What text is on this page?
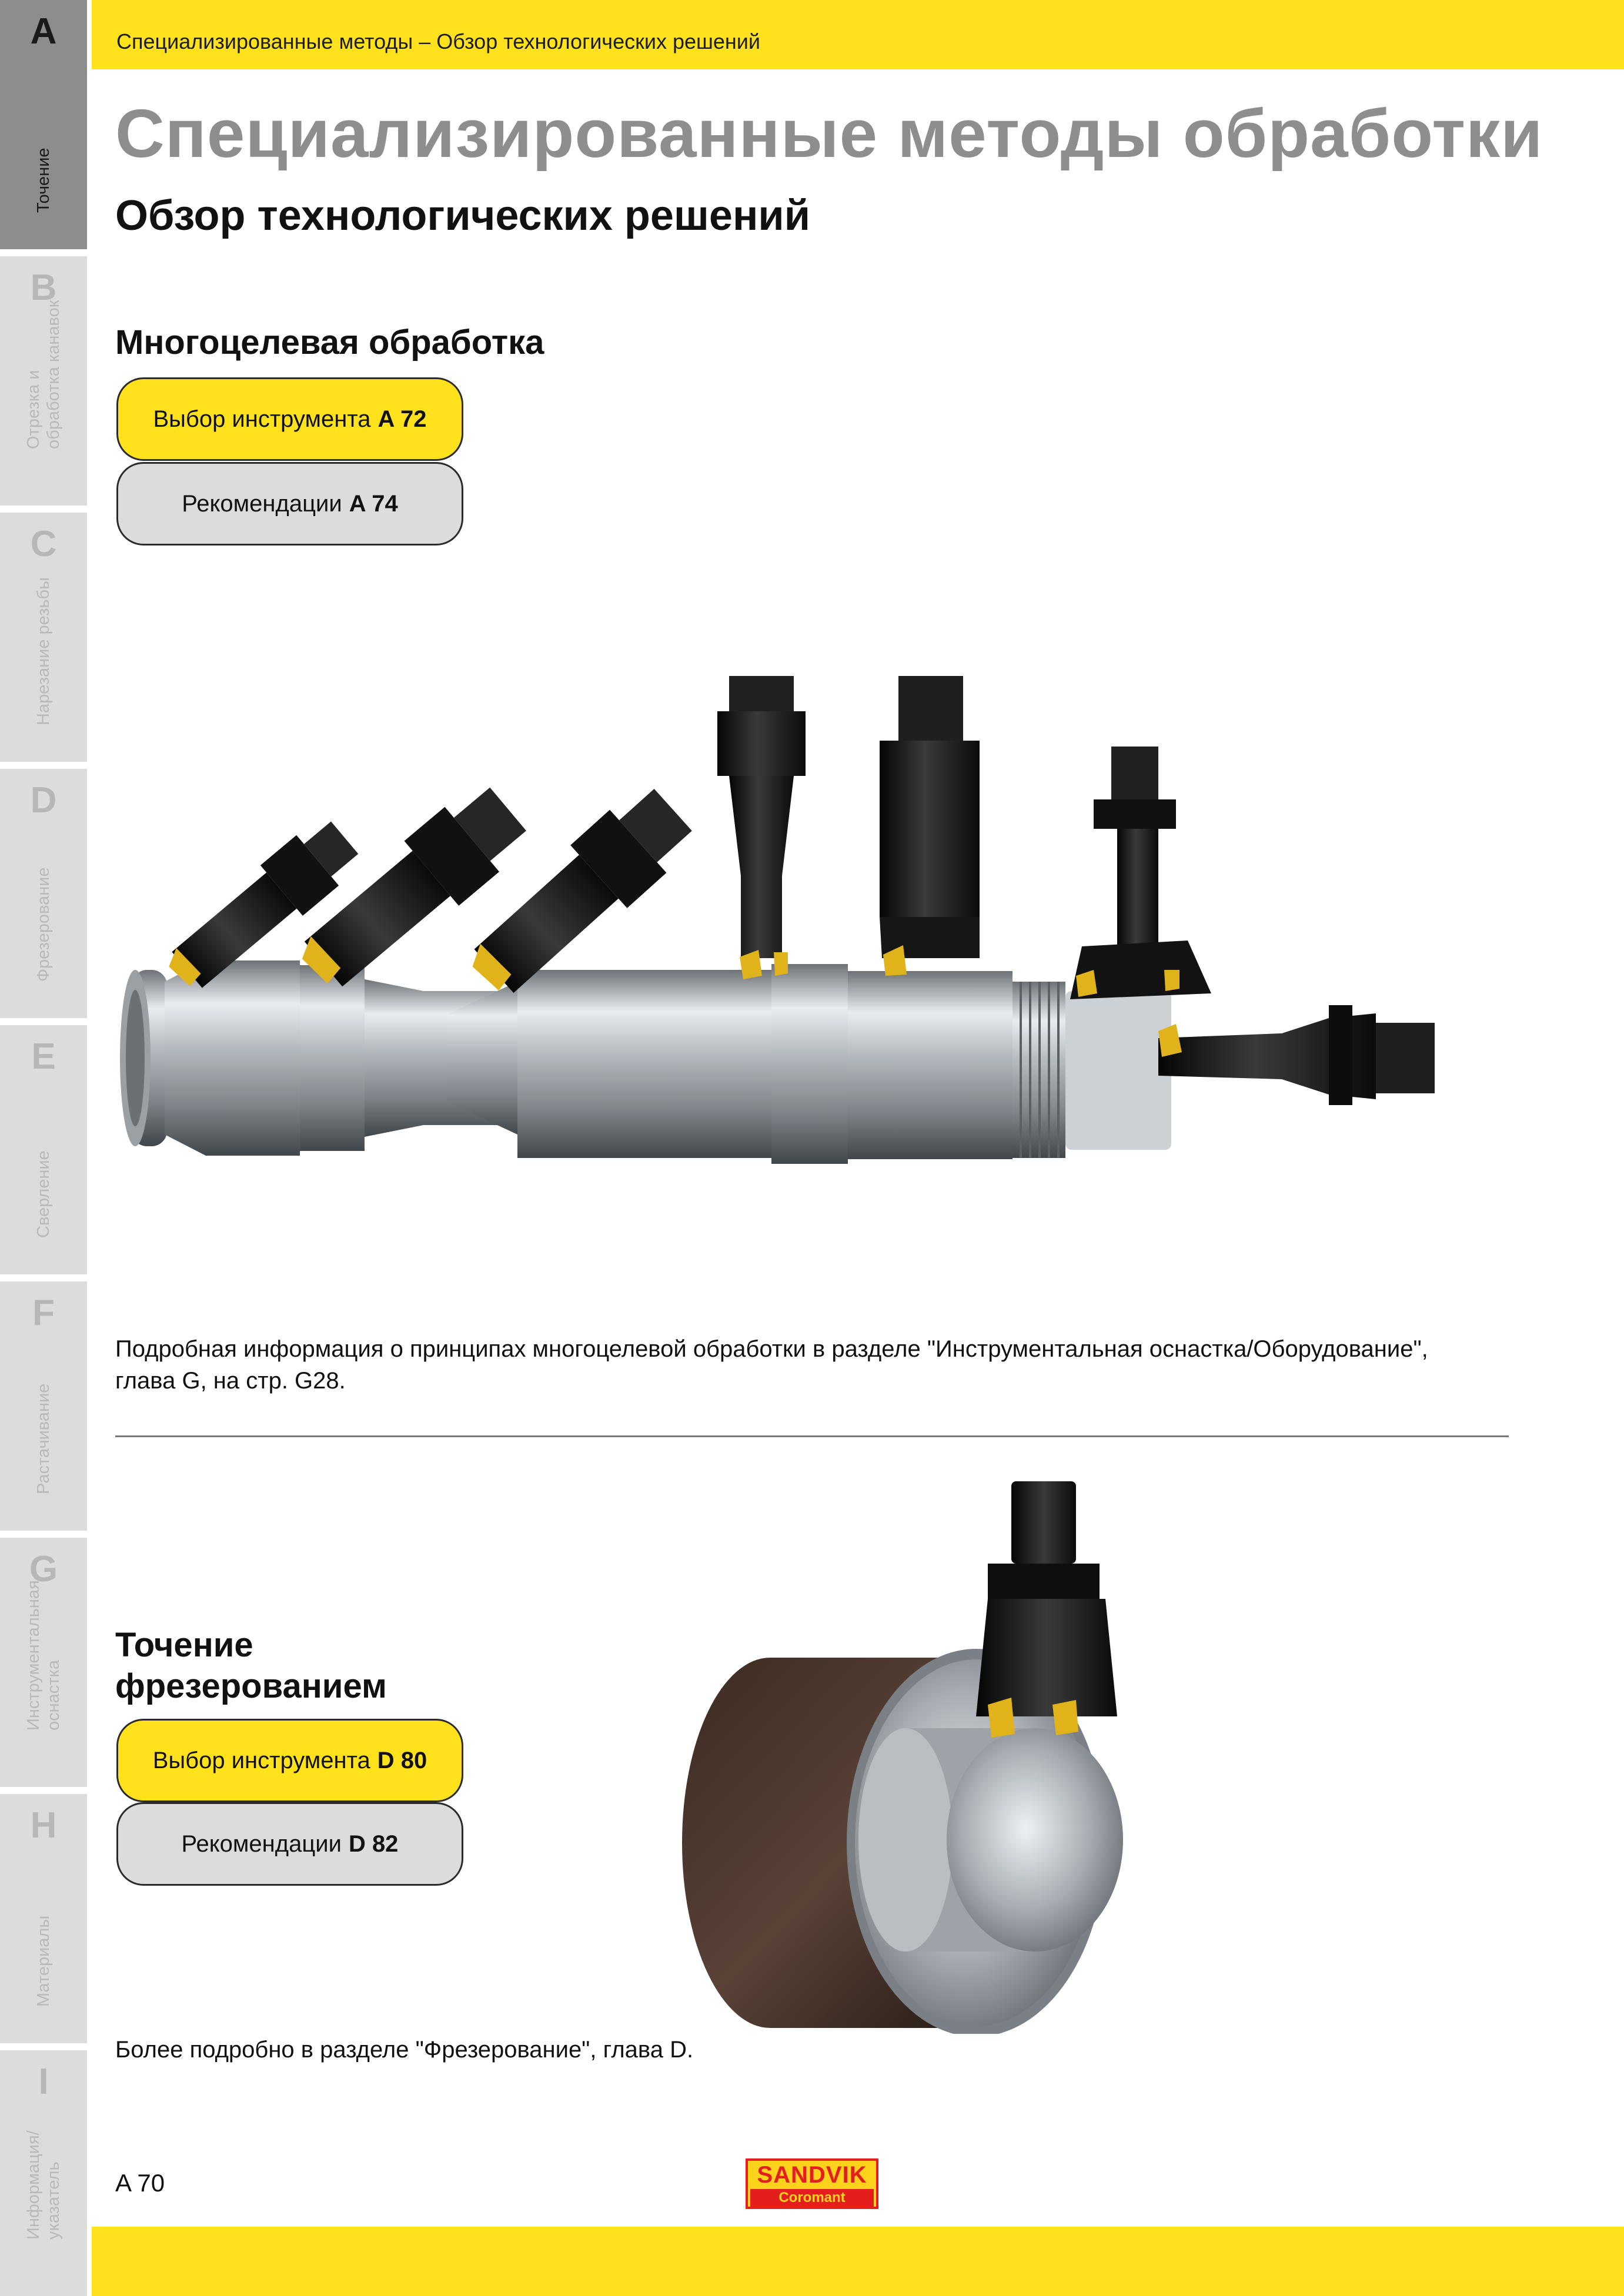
A
Точение
B
Отрезка и
обработка канавок
C
Нарезание резьбы
D
Фрезерование
E
Сверление
F
Растачивание
G
Инструментальная
оснастка
H
Материалы
I
Информация/
указатель
Специализированные методы – Обзор технологических решений
Специализированные методы обработки
Обзор технологических решений
Многоцелевая обработка
Выбор инструмента A 72
Рекомендации A 74
Подробная информация о принципах многоцелевой обработки в разделе "Инструментальная оснастка/Оборудование",
глава G, на стр. G28.
Точение
фрезерованием
Выбор инструмента D 80
Рекомендации D 82
Более подробно в разделе "Фрезерование", глава D.
A 70	SANDVIK
Coromant
